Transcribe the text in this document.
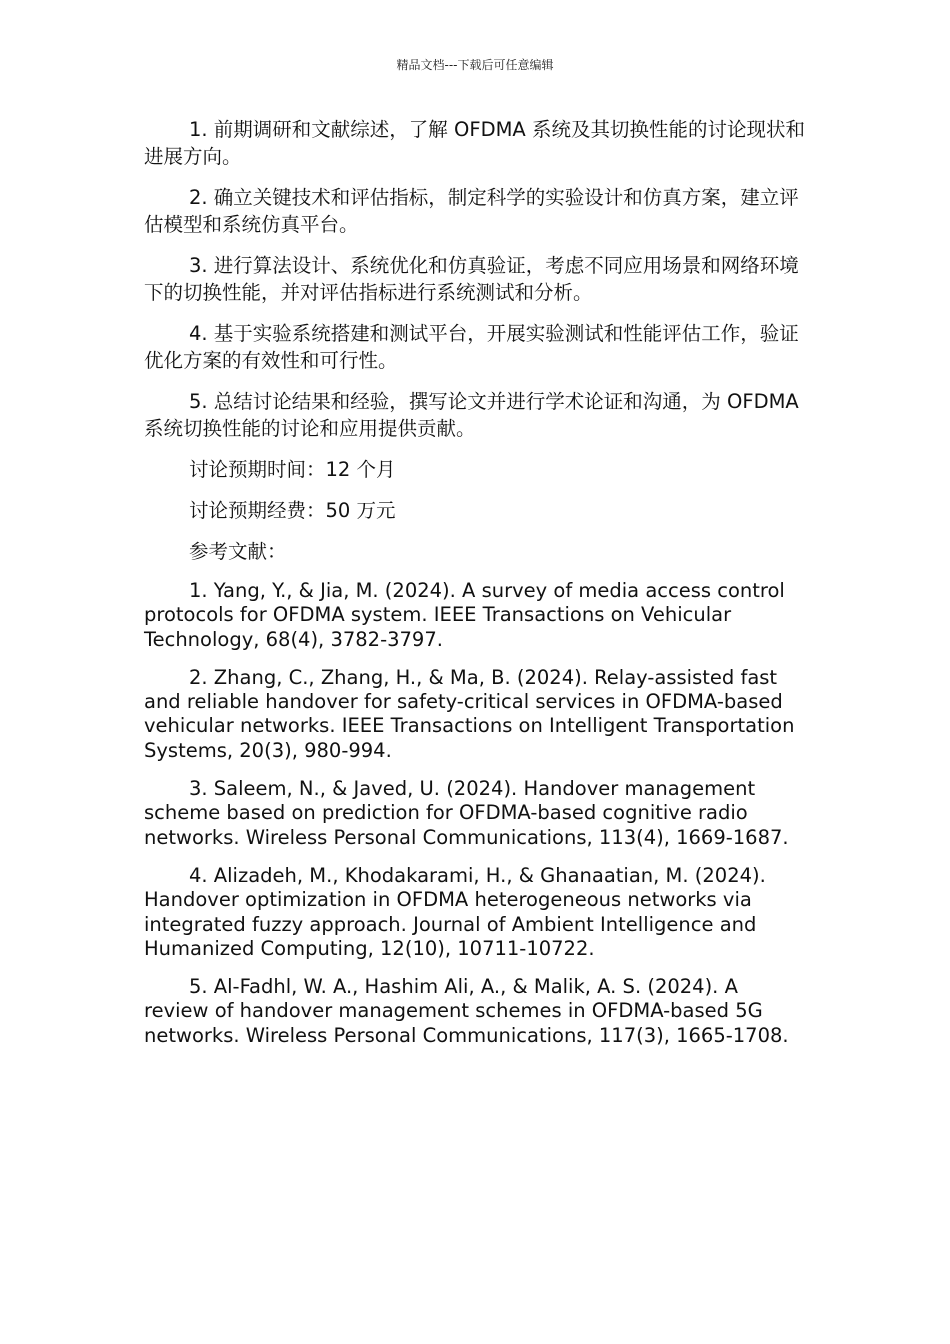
精品文档---下载后可任意编辑

1. 前期调研和文献综述，了解 OFDMA 系统及其切换性能的讨论现状和进展方向。

2. 确立关键技术和评估指标，制定科学的实验设计和仿真方案，建立评估模型和系统仿真平台。

3. 进行算法设计、系统优化和仿真验证，考虑不同应用场景和网络环境下的切换性能，并对评估指标进行系统测试和分析。

4. 基于实验系统搭建和测试平台，开展实验测试和性能评估工作，验证优化方案的有效性和可行性。

5. 总结讨论结果和经验，撰写论文并进行学术论证和沟通，为 OFDMA 系统切换性能的讨论和应用提供贡献。

讨论预期时间：12 个月

讨论预期经费：50 万元

参考文献：

1. Yang, Y., & Jia, M. (2024). A survey of media access control protocols for OFDMA system. IEEE Transactions on Vehicular Technology, 68(4), 3782-3797.

2. Zhang, C., Zhang, H., & Ma, B. (2024). Relay-assisted fast and reliable handover for safety-critical services in OFDMA-based vehicular networks. IEEE Transactions on Intelligent Transportation Systems, 20(3), 980-994.

3. Saleem, N., & Javed, U. (2024). Handover management scheme based on prediction for OFDMA-based cognitive radio networks. Wireless Personal Communications, 113(4), 1669-1687.

4. Alizadeh, M., Khodakarami, H., & Ghanaatian, M. (2024). Handover optimization in OFDMA heterogeneous networks via integrated fuzzy approach. Journal of Ambient Intelligence and Humanized Computing, 12(10), 10711-10722.

5. Al-Fadhl, W. A., Hashim Ali, A., & Malik, A. S. (2024). A review of handover management schemes in OFDMA-based 5G networks. Wireless Personal Communications, 117(3), 1665-1708.
